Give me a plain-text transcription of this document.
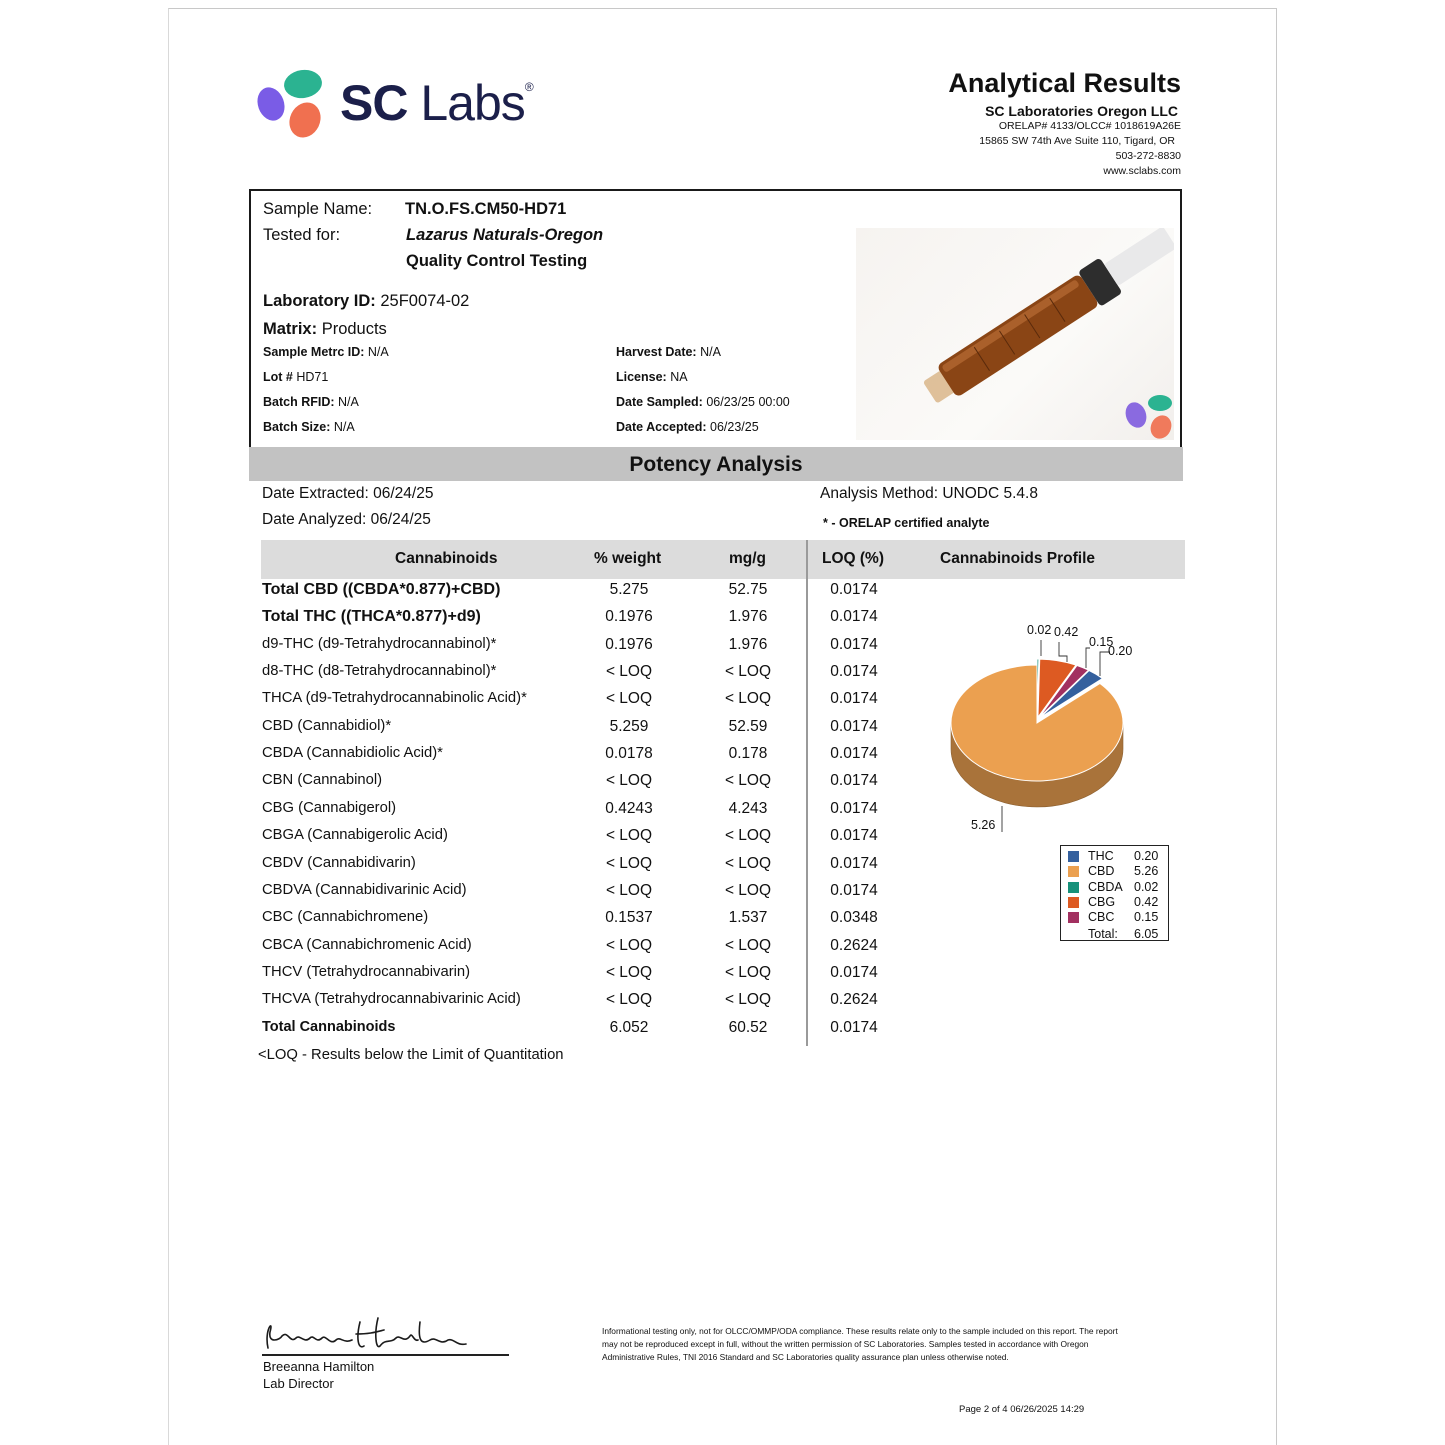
SC Labs®	Analytical Results
SC Laboratories Oregon LLC
ORELAP# 4133/OLCC# 1018619A26E
15865 SW 74th Ave Suite 110, Tigard, OR
503-272-8830
www.sclabs.com
Sample Name: TN.O.FS.CM50-HD71
Tested for:	Lazarus Naturals-Oregon
Quality Control Testing
Laboratory ID: 25F0074-02
Matrix: Products
Sample Metrc ID: N/A
Lot # HD71
Batch RFID: N/A
Batch Size: N/A
Harvest Date: N/A
License: NA
Date Sampled: 06/23/25 00:00
Date Accepted: 06/23/25
Potency Analysis
Date Extracted: 06/24/25
Date Analyzed: 06/24/25
Analysis Method: UNODC 5.4.8
* - ORELAP certified analyte
Cannabinoids	% weight	mg/g	LOQ (%)	Cannabinoids Profile
Total CBD ((CBDA*0.877)+CBD)	5.275	52.75	0.0174
Total THC ((THCA*0.877)+d9)	0.1976	1.976	0.0174
d9-THC (d9-Tetrahydrocannabinol)*	0.1976	1.976	0.0174
d8-THC (d8-Tetrahydrocannabinol)*	< LOQ	< LOQ	0.0174
THCA (d9-Tetrahydrocannabinolic Acid)*	< LOQ	< LOQ	0.0174
CBD (Cannabidiol)*	5.259	52.59	0.0174
CBDA (Cannabidiolic Acid)*	0.0178	0.178	0.0174
CBN (Cannabinol)	< LOQ	< LOQ	0.0174
CBG (Cannabigerol)	0.4243	4.243	0.0174
CBGA (Cannabigerolic Acid)	< LOQ	< LOQ	0.0174
CBDV (Cannabidivarin)	< LOQ	< LOQ	0.0174
CBDVA (Cannabidivarinic Acid)	< LOQ	< LOQ	0.0174
CBC (Cannabichromene)	0.1537	1.537	0.0348
CBCA (Cannabichromenic Acid)	< LOQ	< LOQ	0.2624
THCV (Tetrahydrocannabivarin)	< LOQ	< LOQ	0.0174
THCVA (Tetrahydrocannabivarinic Acid)	< LOQ	< LOQ	0.2624
Total Cannabinoids	6.052	60.52	0.0174
<LOQ - Results below the Limit of Quantitation
0.20
5.26
0.02 0.42
0.15
THC 0.20
CBD 5.26
CBDA 0.02
CBG 0.42
CBC 0.15
Total: 6.05
Breeanna Hamilton
Lab Director
Informational testing only, not for OLCC/OMMP/ODA compliance. These results relate only to the sample included on this report. The report may not be reproduced except in full, without the written permission of SC Laboratories. Samples tested in accordance with Oregon Administrative Rules, TNI 2016 Standard and SC Laboratories quality assurance plan unless otherwise noted.
Page 2 of 4 06/26/2025 14:29
